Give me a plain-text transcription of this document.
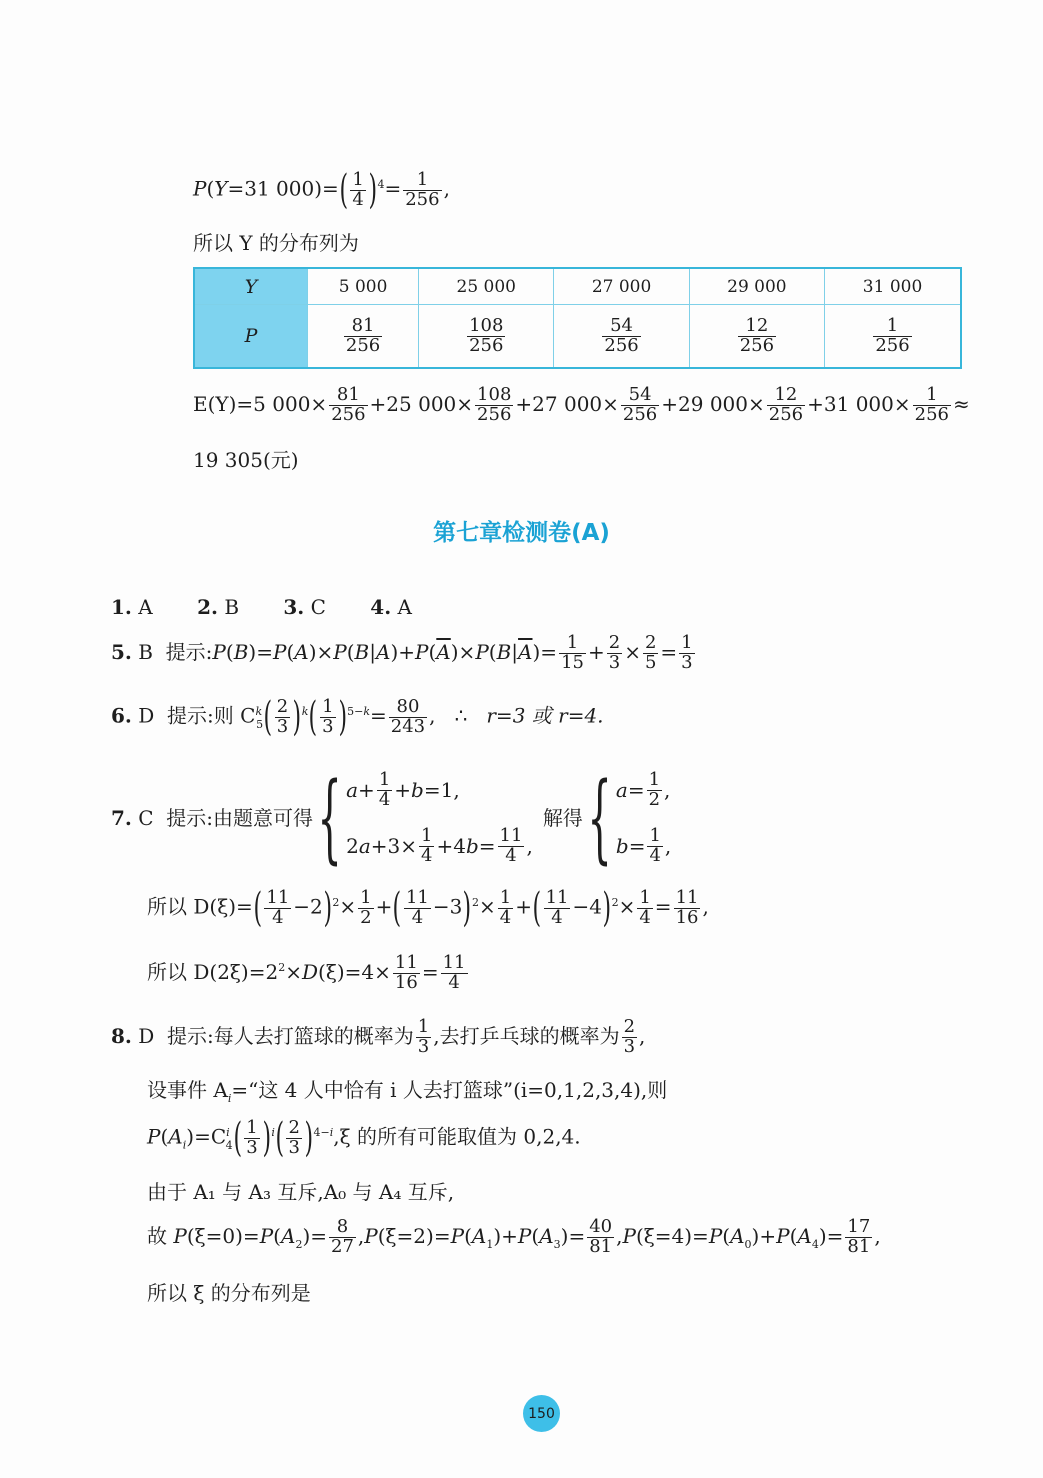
P(Y=31 $000)=( \frac{1}{4} )^4= \frac{1}{256}$ ,
所以 Y 的分布列为
Y	5 000	25 000	27 000	29 000	31 000
P	$\frac{81}{256}$	$\frac{108}{256}$	$\frac{54}{256}$	$\frac{12}{256}$	$\frac{1}{256}$
E(Y)=5 $000\times \frac{81}{256} +25$ $000\times \frac{108}{256} +27$ $000\times \frac{54}{256} +29$ $000\times \frac{12}{256} +31$ $000\times \frac{1}{256}$ ≈
19 305(元)
第七章检测卷(A)
1. A 2. B 3. C 4. A
5. B 提示$:P(B)=P(A)\times P(B|A)+P(\overline{A})\times P(B|\overline{A})= \frac{1}{15} + \frac{2}{3} \times \frac{2}{5} = \frac{1}{3}$
6. D 提示:则 $C^k_5( \frac{2}{3} )^k( \frac{1}{3} )^{5-k}= \frac{80}{243}$ ,   ∴   r=3 或 r=4.
7. C 提示:由题意可得{ $a + \frac{1}{4} + b =1$,
2 $a +3\times \frac{1}{4} +4$ $b = \frac{11}{4}$ ,
解得{ $a = \frac{1}{2}$ ,
$b = \frac{1}{4}$ ,
所以 $D(\xi)=( \frac{11}{4} -2)^2\times \frac{1}{2}$ +( $\frac{11}{4} -3)^2\times \frac{1}{4}$ +( $\frac{11}{4} -4)^2\times \frac{1}{4} = \frac{11}{16}$ ,
所以 $D(2\xi)=2^2\times D(\xi)=4\times \frac{11}{16} = \frac{11}{4}$
8. D 提示:每人去打篮球的概率为 $\frac{1}{3}$ ,去打乒乓球的概率为 $\frac{2}{3}$ ,
设事件 $A_i=“$这 4 人中恰有 i 人去打篮球”(i=0,1,2,3,4),则
$P(A_i)=C^i_4( \frac{1}{3} )^i( \frac{2}{3} )^{4-i},\xi$ 的所有可能取值为 0,2,4.
由于 A₁ 与 A₃ 互斥,A₀ 与 A₄ 互斥,
故 $P(\xi=0)=P(A_2)= \frac{8}{27} ,P(\xi=2)=P(A_1)+P(A_3)= \frac{40}{81} ,P(\xi=4)=P(A_0)+P(A_4)= \frac{17}{81}$ ,
所以 ξ 的分布列是
150
